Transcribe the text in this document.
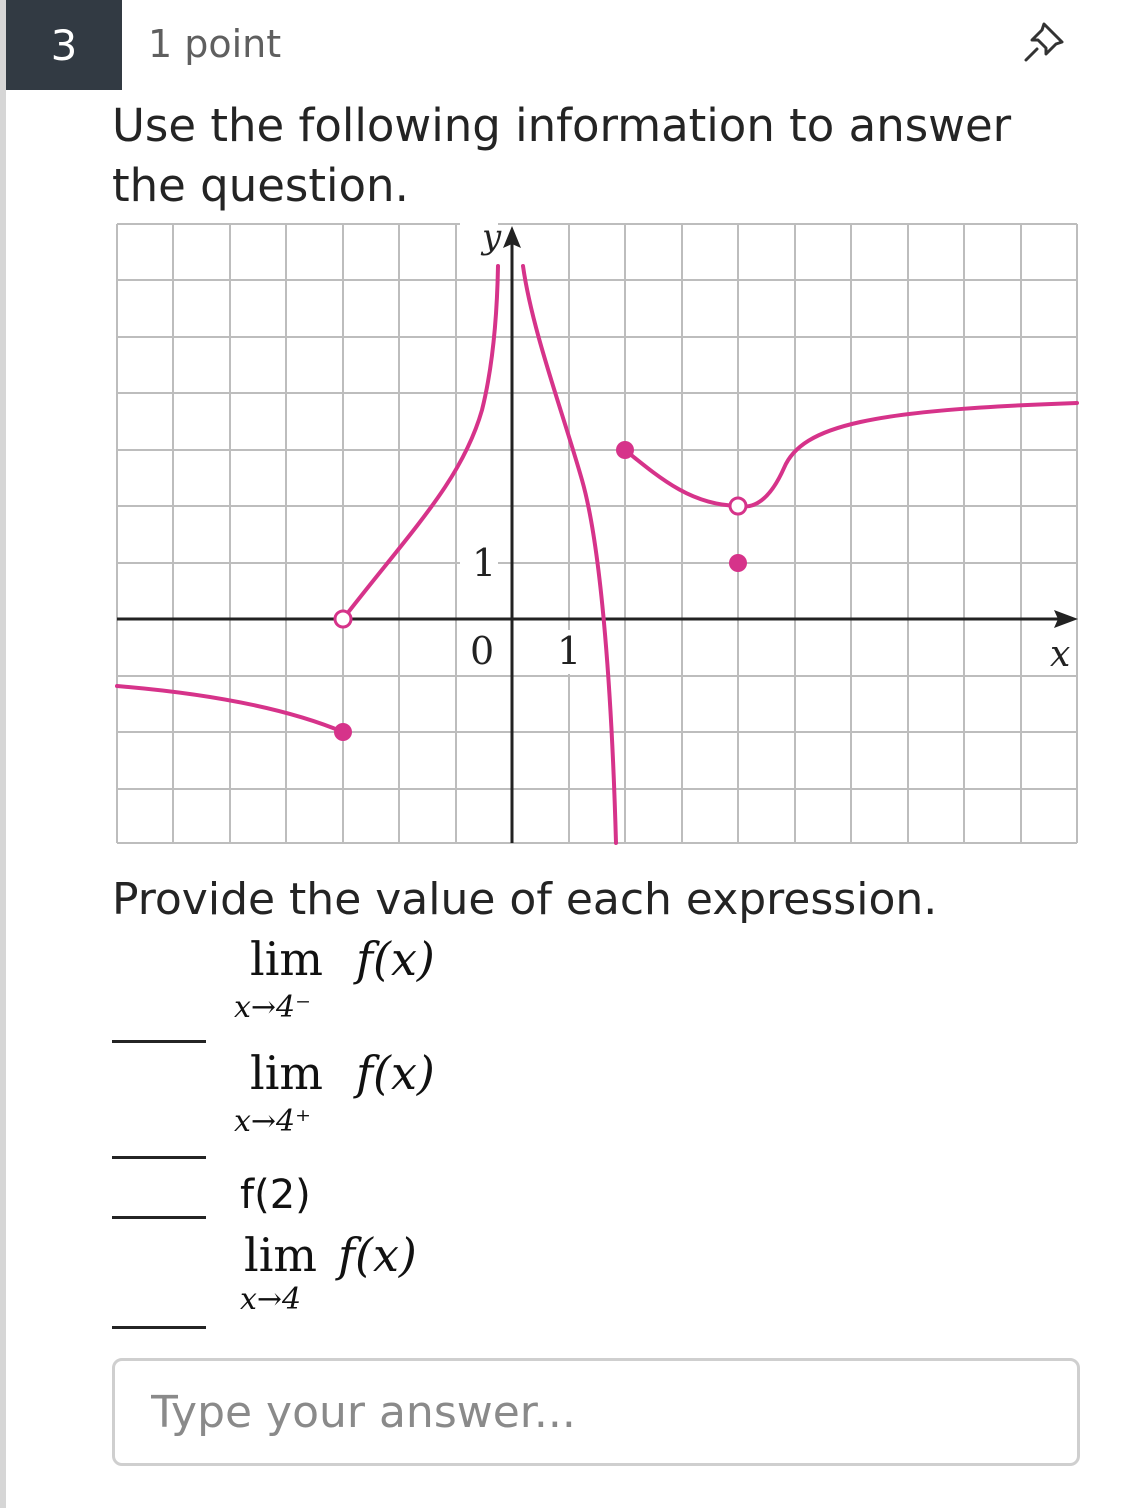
3	1 point
Use the following information to answer the question.
y
x
1
0 1
Provide the value of each expression.
lim f(x)
x→4⁻
lim f(x)
x→4⁺
f(2)
lim f(x)
x→4
Type your answer...
